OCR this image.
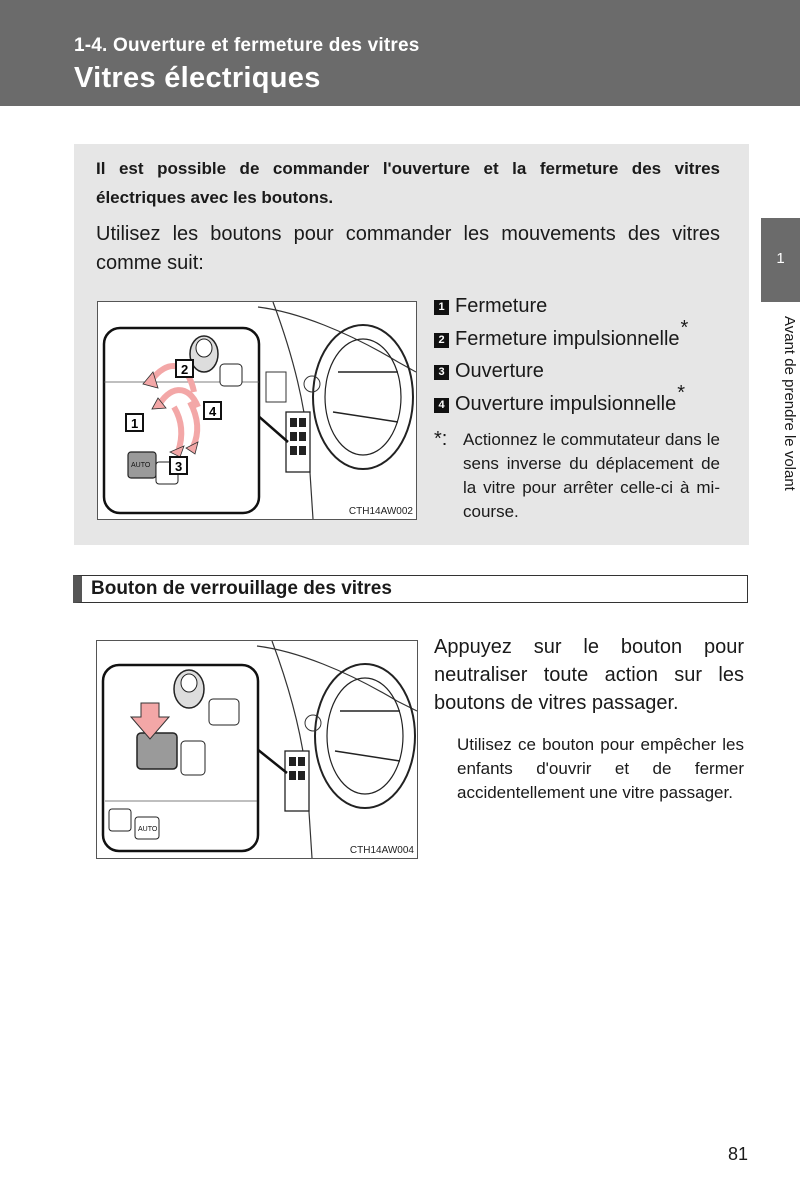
1-4. Ouverture et fermeture des vitres
Vitres électriques
1
Avant de prendre le volant
Il est possible de commander l'ouverture et la fermeture des vitres électriques avec les boutons.
Utilisez les boutons pour commander les mouvements des vitres comme suit:
AUTO
1
2
3
4
CTH14AW002
1 Fermeture
2 Fermeture impulsionnelle *
3 Ouverture
4 Ouverture impulsionnelle *
*: Actionnez le commutateur dans le sens inverse du déplacement de la vitre pour arrêter celle-ci à mi-course.
Bouton de verrouillage des vitres
AUTO
CTH14AW004
Appuyez sur le bouton pour neutraliser toute action sur les boutons de vitres passager.
Utilisez ce bouton pour empêcher les enfants d'ouvrir et de fermer accidentellement une vitre passager.
81
